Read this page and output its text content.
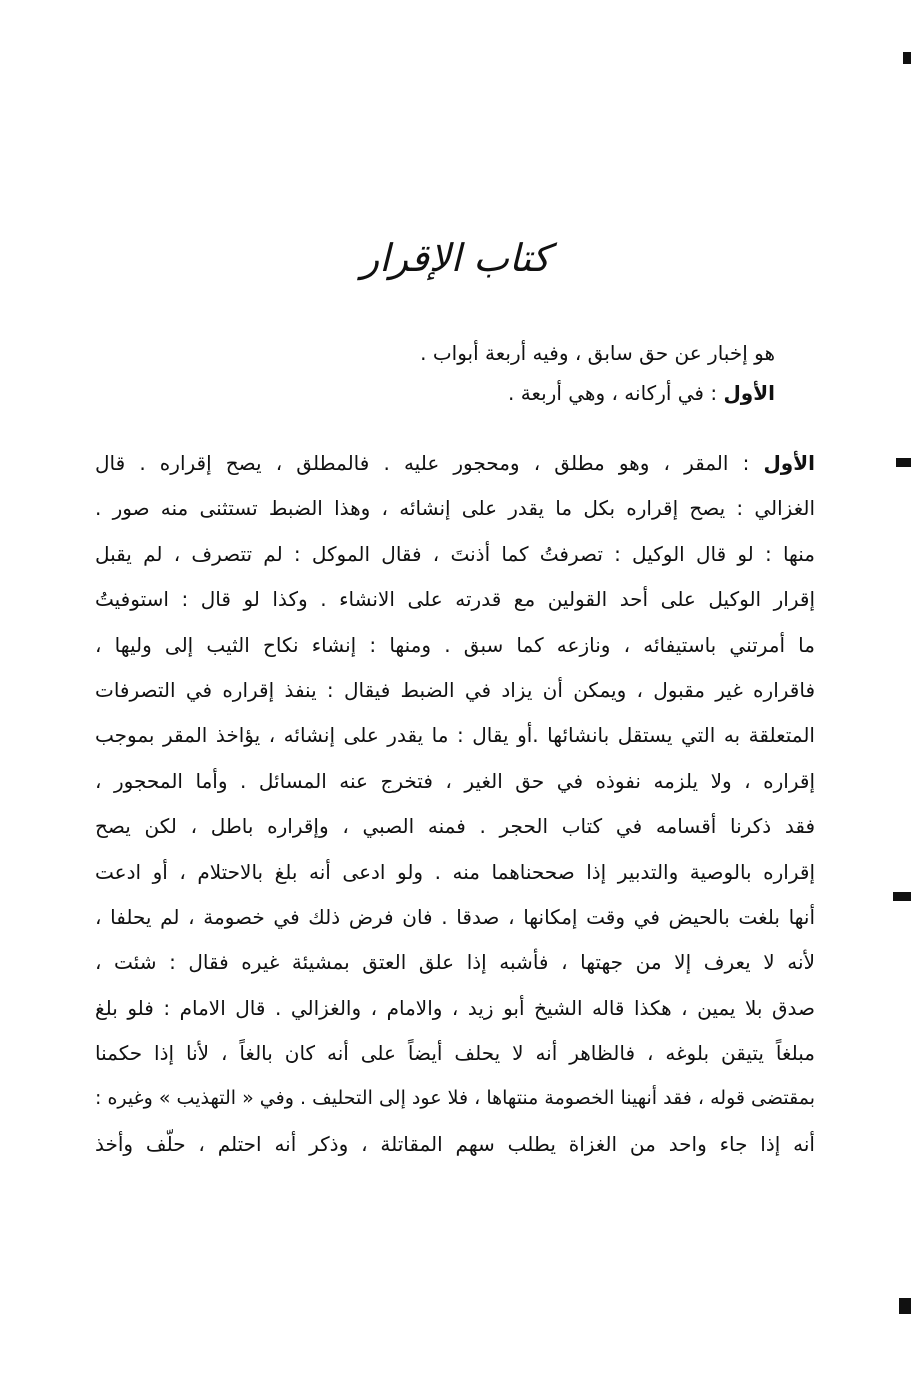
كتاب الإقرار

هو إخبار عن حق سابق ، وفيه أربعة أبواب .

الأول : في أركانه ، وهي أربعة .

الأول : المقر ، وهو مطلق ، ومحجور عليه . فالمطلق ، يصح إقراره . قال
الغزالي : يصح إقراره بكل ما يقدر على إنشائه ، وهذا الضبط تستثنى منه صور .
منها : لو قال الوكيل : تصرفتُ كما أذنتَ ، فقال الموكل : لم تتصرف ، لم يقبل
إقرار الوكيل على أحد القولين مع قدرته على الانشاء . وكذا لو قال : استوفيتُ
ما أمرتني باستيفائه ، ونازعه كما سبق . ومنها : إنشاء نكاح الثيب إلى وليها ،
فاقراره غير مقبول ، ويمكن أن يزاد في الضبط فيقال : ينفذ إقراره في التصرفات
المتعلقة به التي يستقل بانشائها .أو يقال : ما يقدر على إنشائه ، يؤاخذ المقر بموجب
إقراره ، ولا يلزمه نفوذه في حق الغير ، فتخرج عنه المسائل . وأما المحجور ،
فقد ذكرنا أقسامه في كتاب الحجر . فمنه الصبي ، وإقراره باطل ، لكن يصح
إقراره بالوصية والتدبير إذا صححناهما منه . ولو ادعى أنه بلغ بالاحتلام ، أو ادعت
أنها بلغت بالحيض في وقت إمكانها ، صدقا . فان فرض ذلك في خصومة ، لم يحلفا ،
لأنه لا يعرف إلا من جهتها ، فأشبه إذا علق العتق بمشيئة غيره فقال : شئت ،
صدق بلا يمين ، هكذا قاله الشيخ أبو زيد ، والامام ، والغزالي . قال الامام : فلو بلغ
مبلغاً يتيقن بلوغه ، فالظاهر أنه لا يحلف أيضاً على أنه كان بالغاً ، لأنا إذا حكمنا
بمقتضى قوله ، فقد أنهينا الخصومة منتهاها ، فلا عود إلى التحليف . وفي « التهذيب » وغيره :
أنه إذا جاء واحد من الغزاة يطلب سهم المقاتلة ، وذكر أنه احتلم ، حلّف وأخذ
